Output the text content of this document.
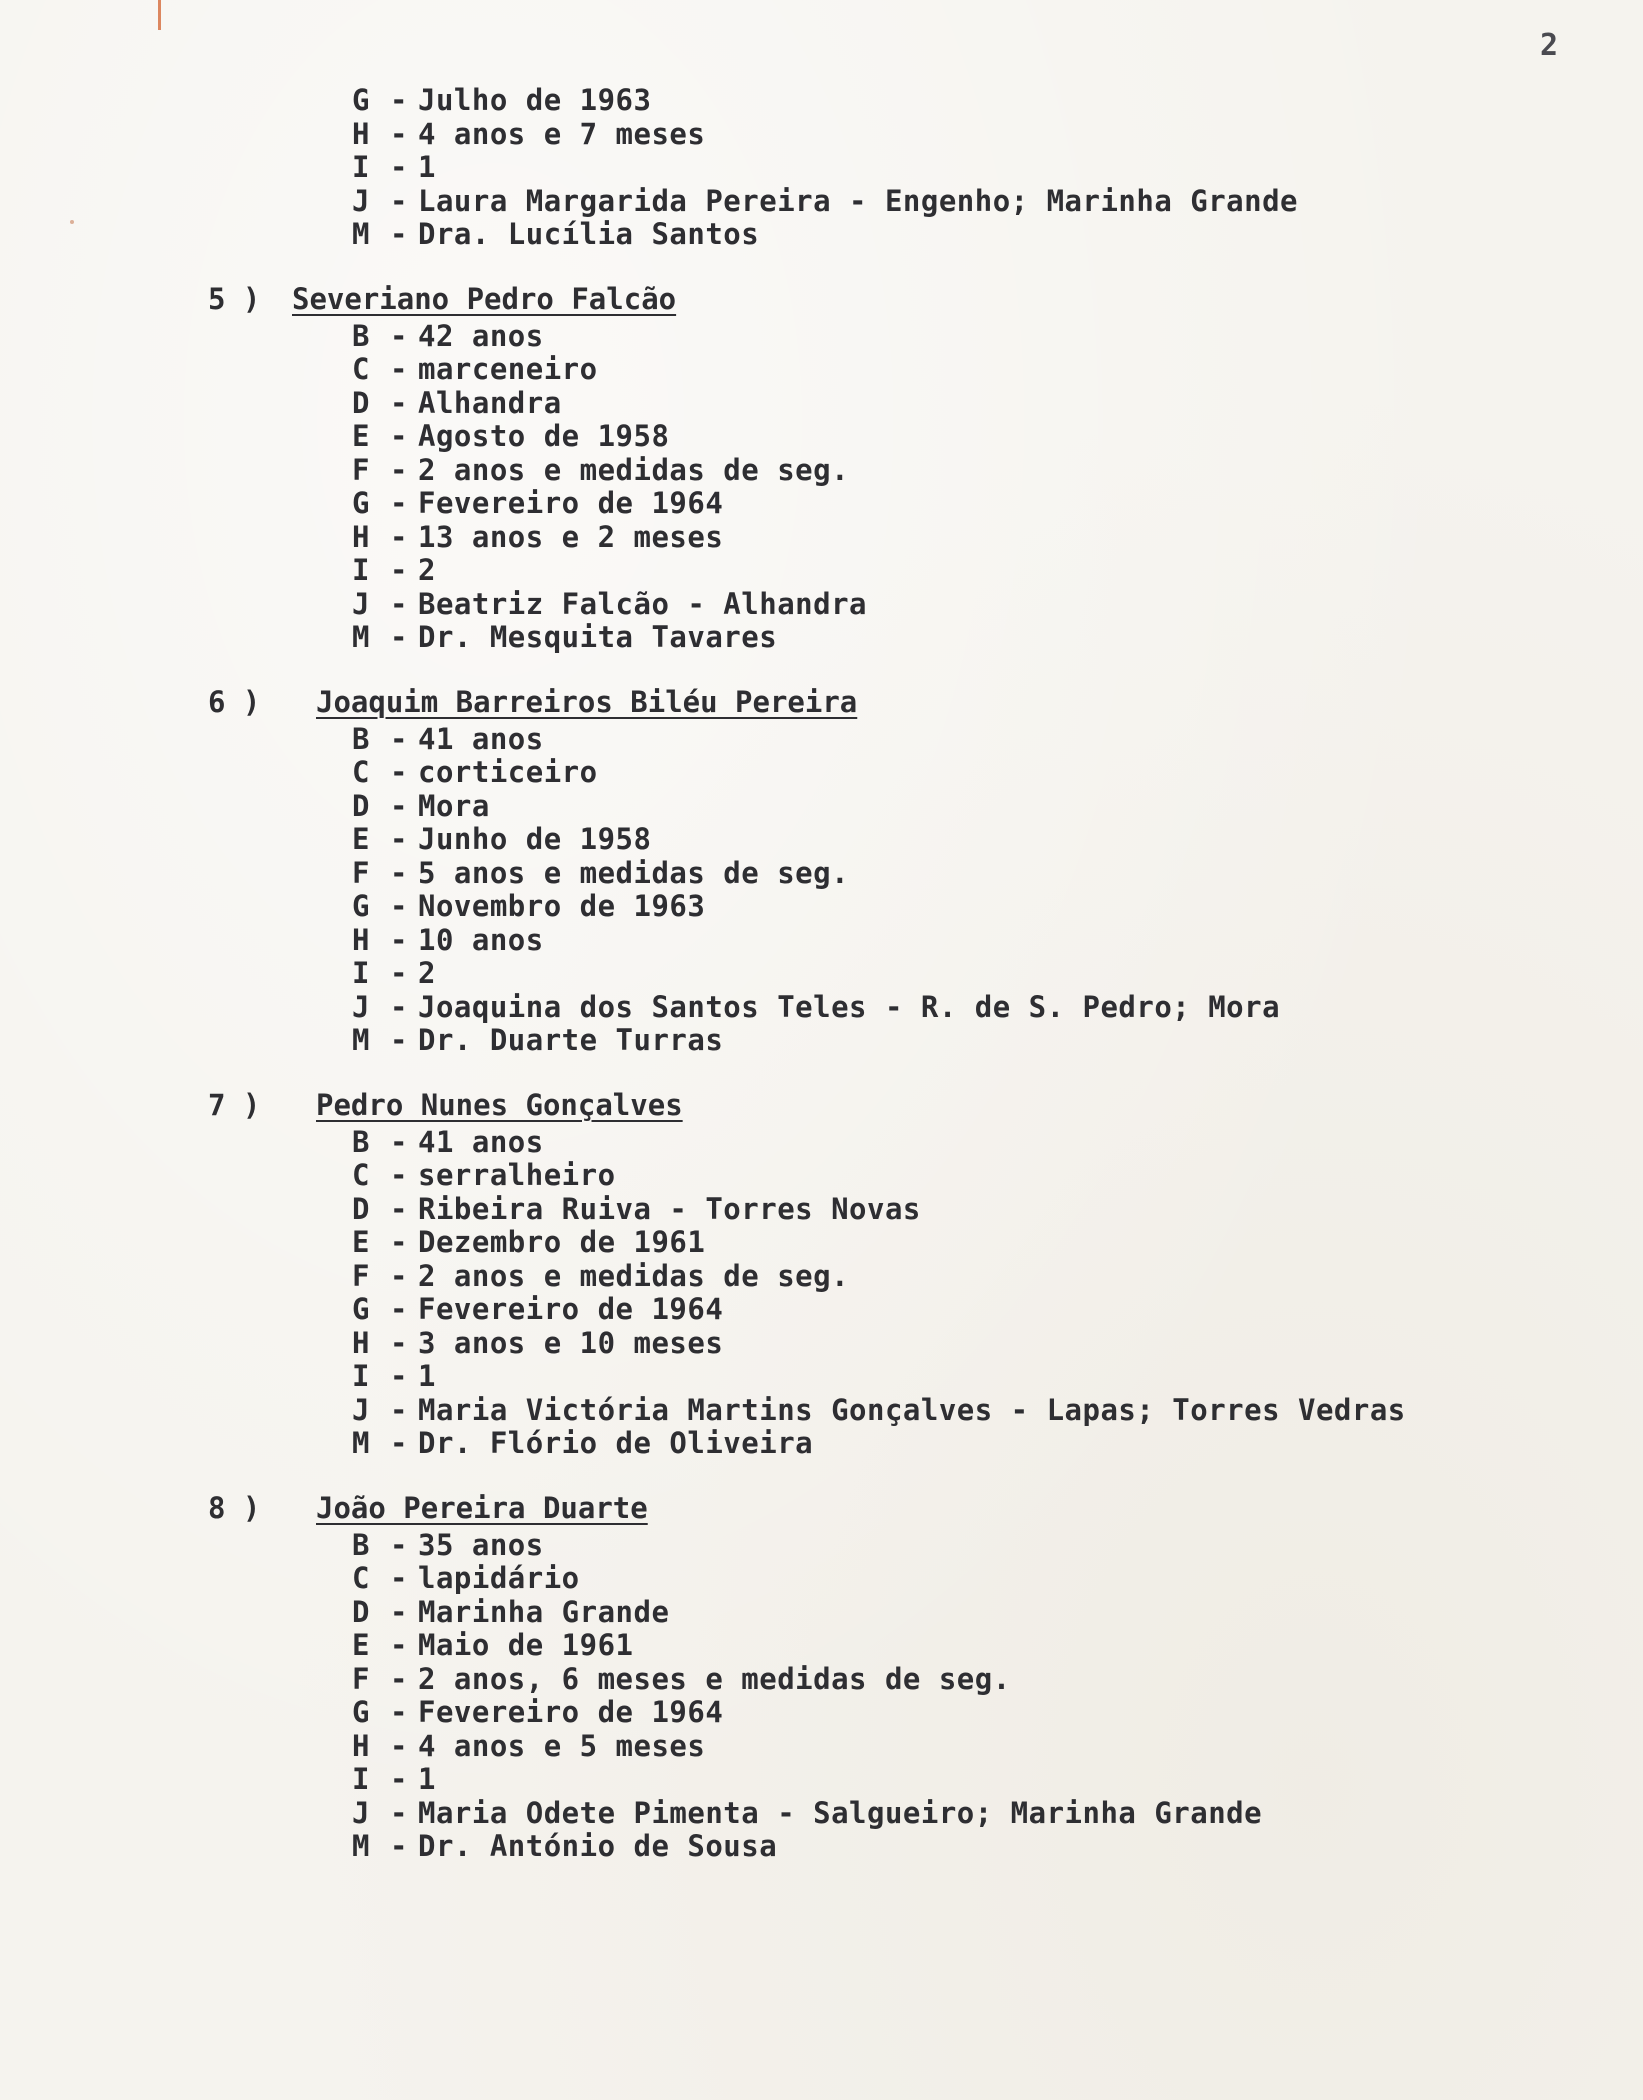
2
G - Julho de 1963
H - 4 anos e 7 meses
I - 1
J - Laura Margarida Pereira - Engenho; Marinha Grande
M - Dra. Lucília Santos
5 ) Severiano Pedro Falcão
B - 42 anos
C - marceneiro
D - Alhandra
E - Agosto de 1958
F - 2 anos e medidas de seg.
G - Fevereiro de 1964
H - 13 anos e 2 meses
I - 2
J - Beatriz Falcão - Alhandra
M - Dr. Mesquita Tavares
6 ) Joaquim Barreiros Biléu Pereira
B - 41 anos
C - corticeiro
D - Mora
E - Junho de 1958
F - 5 anos e medidas de seg.
G - Novembro de 1963
H - 10 anos
I - 2
J - Joaquina dos Santos Teles - R. de S. Pedro; Mora
M - Dr. Duarte Turras
7 ) Pedro Nunes Gonçalves
B - 41 anos
C - serralheiro
D - Ribeira Ruiva - Torres Novas
E - Dezembro de 1961
F - 2 anos e medidas de seg.
G - Fevereiro de 1964
H - 3 anos e 10 meses
I - 1
J - Maria Victória Martins Gonçalves - Lapas; Torres Vedras
M - Dr. Flório de Oliveira
8 ) João Pereira Duarte
B - 35 anos
C - lapidário
D - Marinha Grande
E - Maio de 1961
F - 2 anos, 6 meses e medidas de seg.
G - Fevereiro de 1964
H - 4 anos e 5 meses
I - 1
J - Maria Odete Pimenta - Salgueiro; Marinha Grande
M - Dr. António de Sousa
